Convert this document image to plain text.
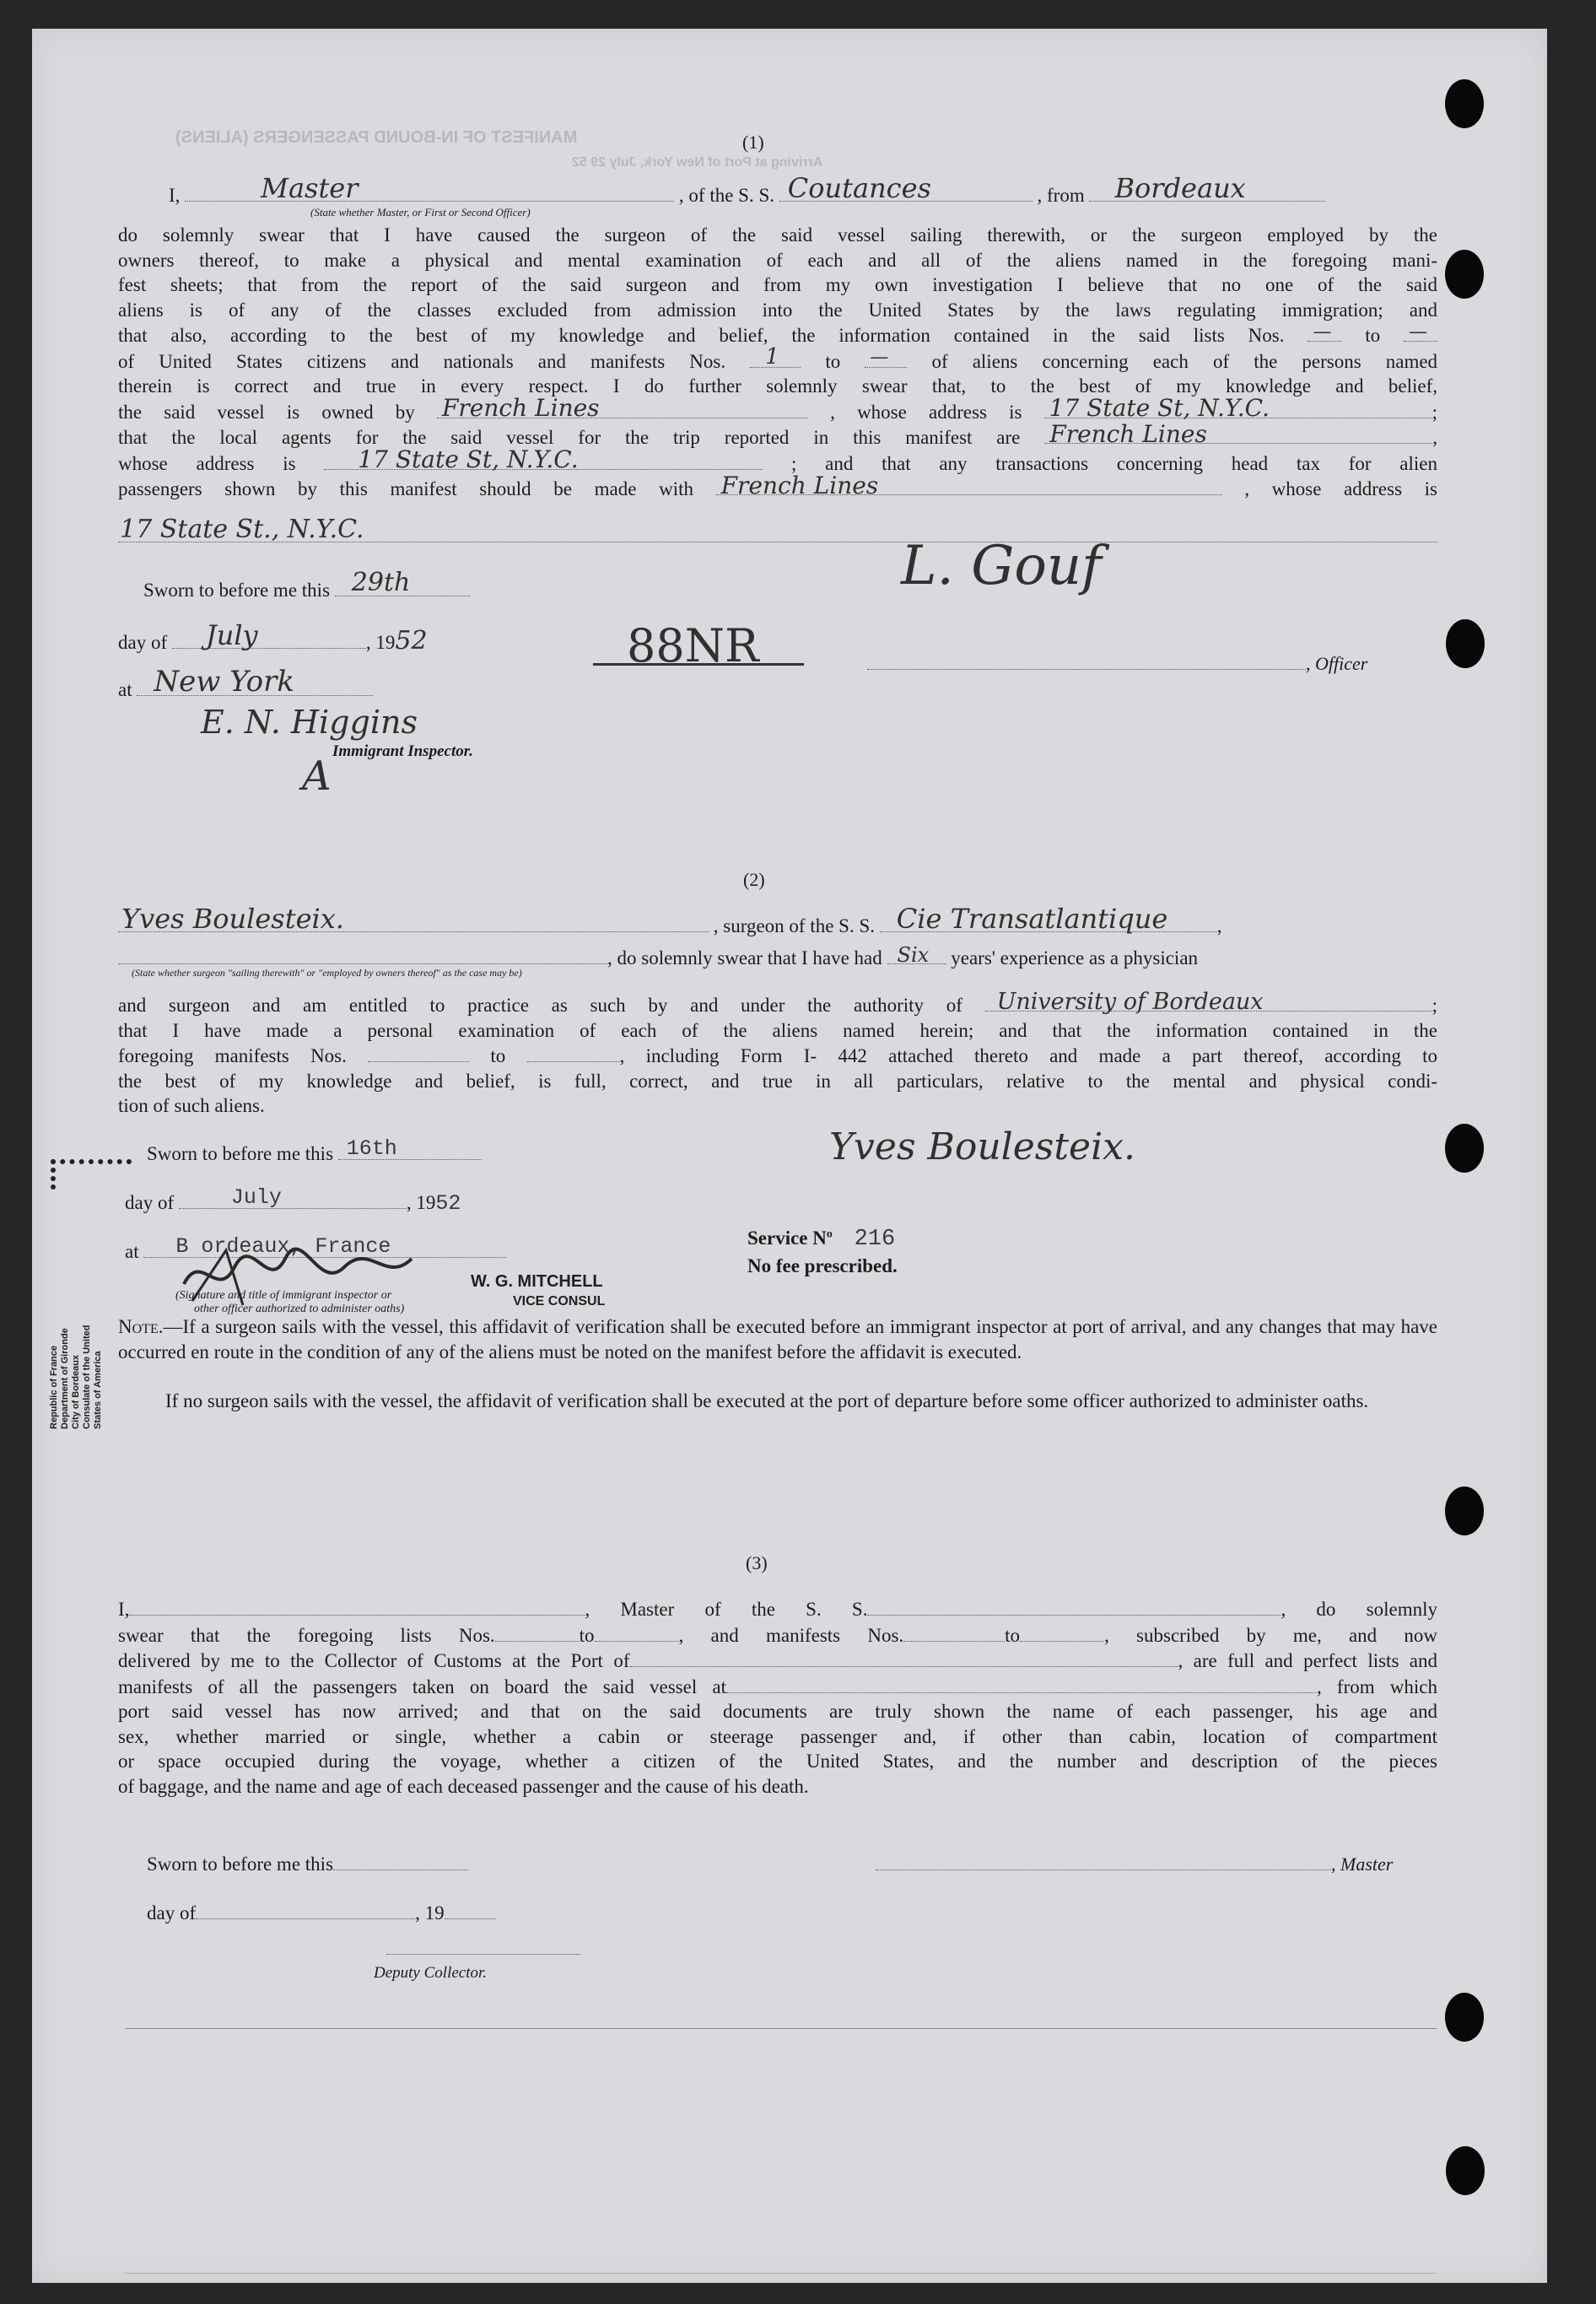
MANIFEST OF IN-BOUND PASSENGERS (ALIENS)
Arriving at Port of New York, July 29 52
(1)
I,	Master	, of the S. S. Coutances	, from Bordeaux
(State whether Master, or First or Second Officer)
do solemnly swear that I have caused the surgeon of the said vessel sailing therewith, or the surgeon employed by the
owners thereof, to make a physical and mental examination of each and all of the aliens named in the foregoing mani-
fest sheets; that from the report of the said surgeon and from my own investigation I believe that no one of the said
aliens is of any of the classes excluded from admission into the United States by the laws regulating immigration; and
that also, according to the best of my knowledge and belief, the information contained in the said lists Nos. — to —
of United States citizens and nationals and manifests Nos. 1 to — of aliens concerning each of the persons named
therein is correct and true in every respect. I do further solemnly swear that, to the best of my knowledge and belief,
the said vessel is owned by French Lines	, whose address is 17 State St, N.Y.C.	;
that the local agents for the said vessel for the trip reported in this manifest are French Lines	,
whose address is	17 State St, N.Y.C.	; and that any transactions concerning head tax for alien
passengers shown by this manifest should be made with French Lines	, whose address is
17 State St., N.Y.C.
Sworn to before me this 29th
day of July	, 1952
at New York
E. N. Higgins
Immigrant Inspector.
A
88NR
L. Gouf
, Officer
(2)
Yves Boulesteix.	, surgeon of the S. S. Cie Transatlantique	,
, do solemnly swear that I have had Six years' experience as a physician
(State whether surgeon "sailing therewith" or "employed by owners thereof" as the case may be)
and surgeon and am entitled to practice as such by and under the authority of University of Bordeaux	;
that I have made a personal examination of each of the aliens named herein; and that the information contained in the
foregoing manifests Nos.	to	, including Form I- 442 attached thereto and made a part thereof, according to
the best of my knowledge and belief, is full, correct, and true in all particulars, relative to the mental and physical condi-
tion of such aliens.
Sworn to before me this 16th	Yves Boulesteix.
day of	July	, 1952
at B ordeaux, France
Republic of France Department of Gironde City of Bordeaux Consulate of the United States of America
W. G. MITCHELL
VICE CONSUL
(Signature and title of immigrant inspector or
other officer authorized to administer oaths)
Service $N^o$ 216
No fee prescribed.
Note.—If a surgeon sails with the vessel, this affidavit of verification shall be executed before an immigrant inspector at port of arrival, and any changes that may have occurred en route in the condition of any of the aliens must be noted on the manifest before the affidavit is executed.
If no surgeon sails with the vessel, the affidavit of verification shall be executed at the port of departure before some officer authorized to administer oaths.
(3)
I,	, Master of the S. S.	, do solemnly
swear that the foregoing lists Nos.	to	, and manifests Nos.	to	, subscribed by me, and now
delivered by me to the Collector of Customs at the Port of	, are full and perfect lists and
manifests of all the passengers taken on board the said vessel at	, from which
port said vessel has now arrived; and that on the said documents are truly shown the name of each passenger, his age and
sex, whether married or single, whether a cabin or steerage passenger and, if other than cabin, location of compartment
or space occupied during the voyage, whether a citizen of the United States, and the number and description of the pieces
of baggage, and the name and age of each deceased passenger and the cause of his death.
Sworn to before me this	, Master
day of	, 19
Deputy Collector.
